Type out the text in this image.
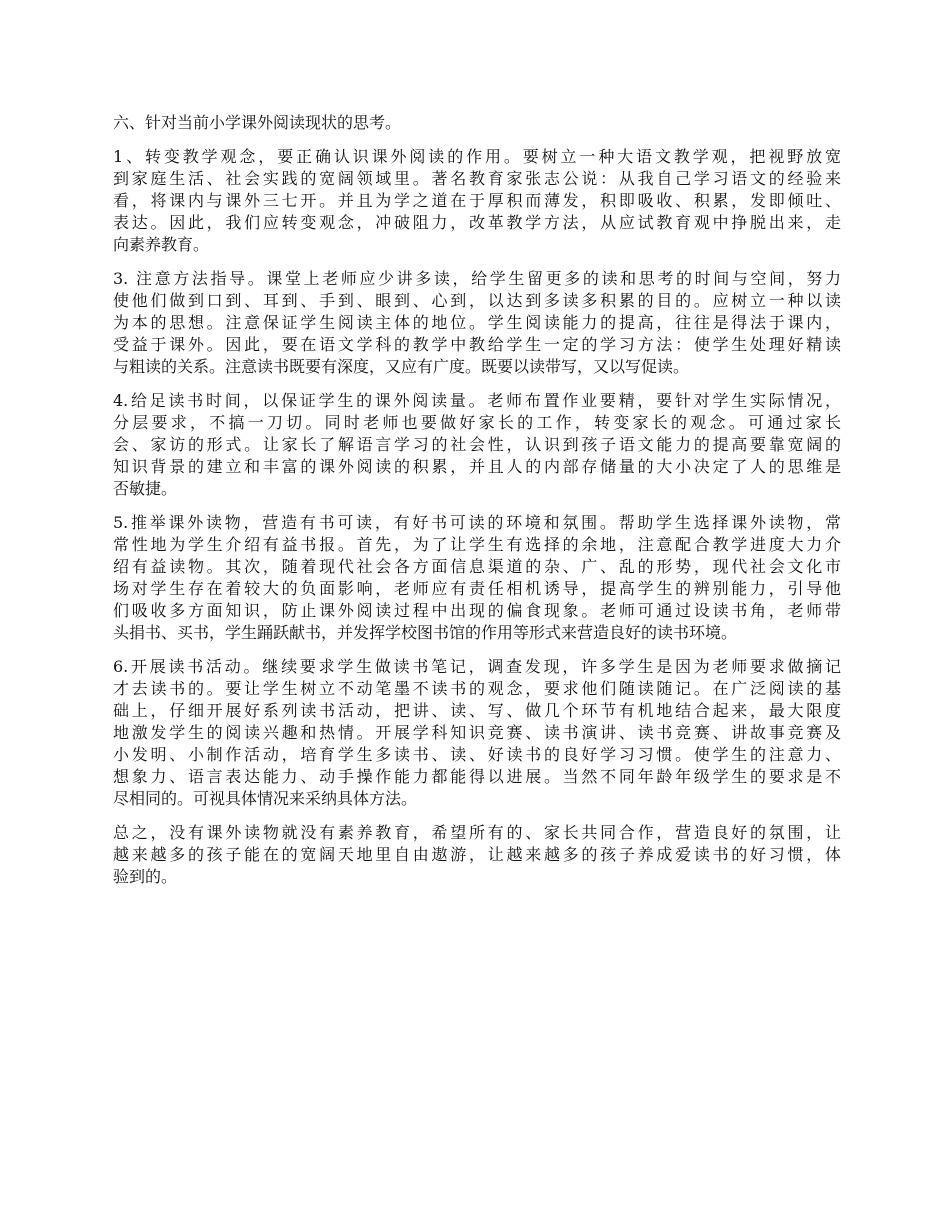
六、针对当前小学课外阅读现状的思考。
1、转变教学观念，要正确认识课外阅读的作用。要树立一种大语文教学观，把视野放宽
到家庭生活、社会实践的宽阔领域里。著名教育家张志公说：从我自己学习语文的经验来
看，将课内与课外三七开。并且为学之道在于厚积而薄发，积即吸收、积累，发即倾吐、
表达。因此，我们应转变观念，冲破阻力，改革教学方法，从应试教育观中挣脱出来，走
向素养教育。
3. 注意方法指导。课堂上老师应少讲多读，给学生留更多的读和思考的时间与空间，努力
使他们做到口到、耳到、手到、眼到、心到，以达到多读多积累的目的。应树立一种以读
为本的思想。注意保证学生阅读主体的地位。学生阅读能力的提高，往往是得法于课内，
受益于课外。因此，要在语文学科的教学中教给学生一定的学习方法：使学生处理好精读
与粗读的关系。注意读书既要有深度，又应有广度。既要以读带写，又以写促读。
4.给足读书时间，以保证学生的课外阅读量。老师布置作业要精，要针对学生实际情况，
分层要求，不搞一刀切。同时老师也要做好家长的工作，转变家长的观念。可通过家长
会、家访的形式。让家长了解语言学习的社会性，认识到孩子语文能力的提高要靠宽阔的
知识背景的建立和丰富的课外阅读的积累，并且人的内部存储量的大小决定了人的思维是
否敏捷。
5.推举课外读物，营造有书可读，有好书可读的环境和氛围。帮助学生选择课外读物，常
常性地为学生介绍有益书报。首先，为了让学生有选择的余地，注意配合教学进度大力介
绍有益读物。其次，随着现代社会各方面信息渠道的杂、广、乱的形势，现代社会文化市
场对学生存在着较大的负面影响，老师应有责任相机诱导，提高学生的辨别能力，引导他
们吸收多方面知识，防止课外阅读过程中出现的偏食现象。老师可通过设读书角，老师带
头捐书、买书，学生踊跃献书，并发挥学校图书馆的作用等形式来营造良好的读书环境。
6.开展读书活动。继续要求学生做读书笔记，调查发现，许多学生是因为老师要求做摘记
才去读书的。要让学生树立不动笔墨不读书的观念，要求他们随读随记。在广泛阅读的基
础上，仔细开展好系列读书活动，把讲、读、写、做几个环节有机地结合起来，最大限度
地激发学生的阅读兴趣和热情。开展学科知识竞赛、读书演讲、读书竞赛、讲故事竞赛及
小发明、小制作活动，培育学生多读书、读、好读书的良好学习习惯。使学生的注意力、
想象力、语言表达能力、动手操作能力都能得以进展。当然不同年龄年级学生的要求是不
尽相同的。可视具体情况来采纳具体方法。
总之，没有课外读物就没有素养教育，希望所有的、家长共同合作，营造良好的氛围，让
越来越多的孩子能在的宽阔天地里自由遨游，让越来越多的孩子养成爱读书的好习惯，体
验到的。
